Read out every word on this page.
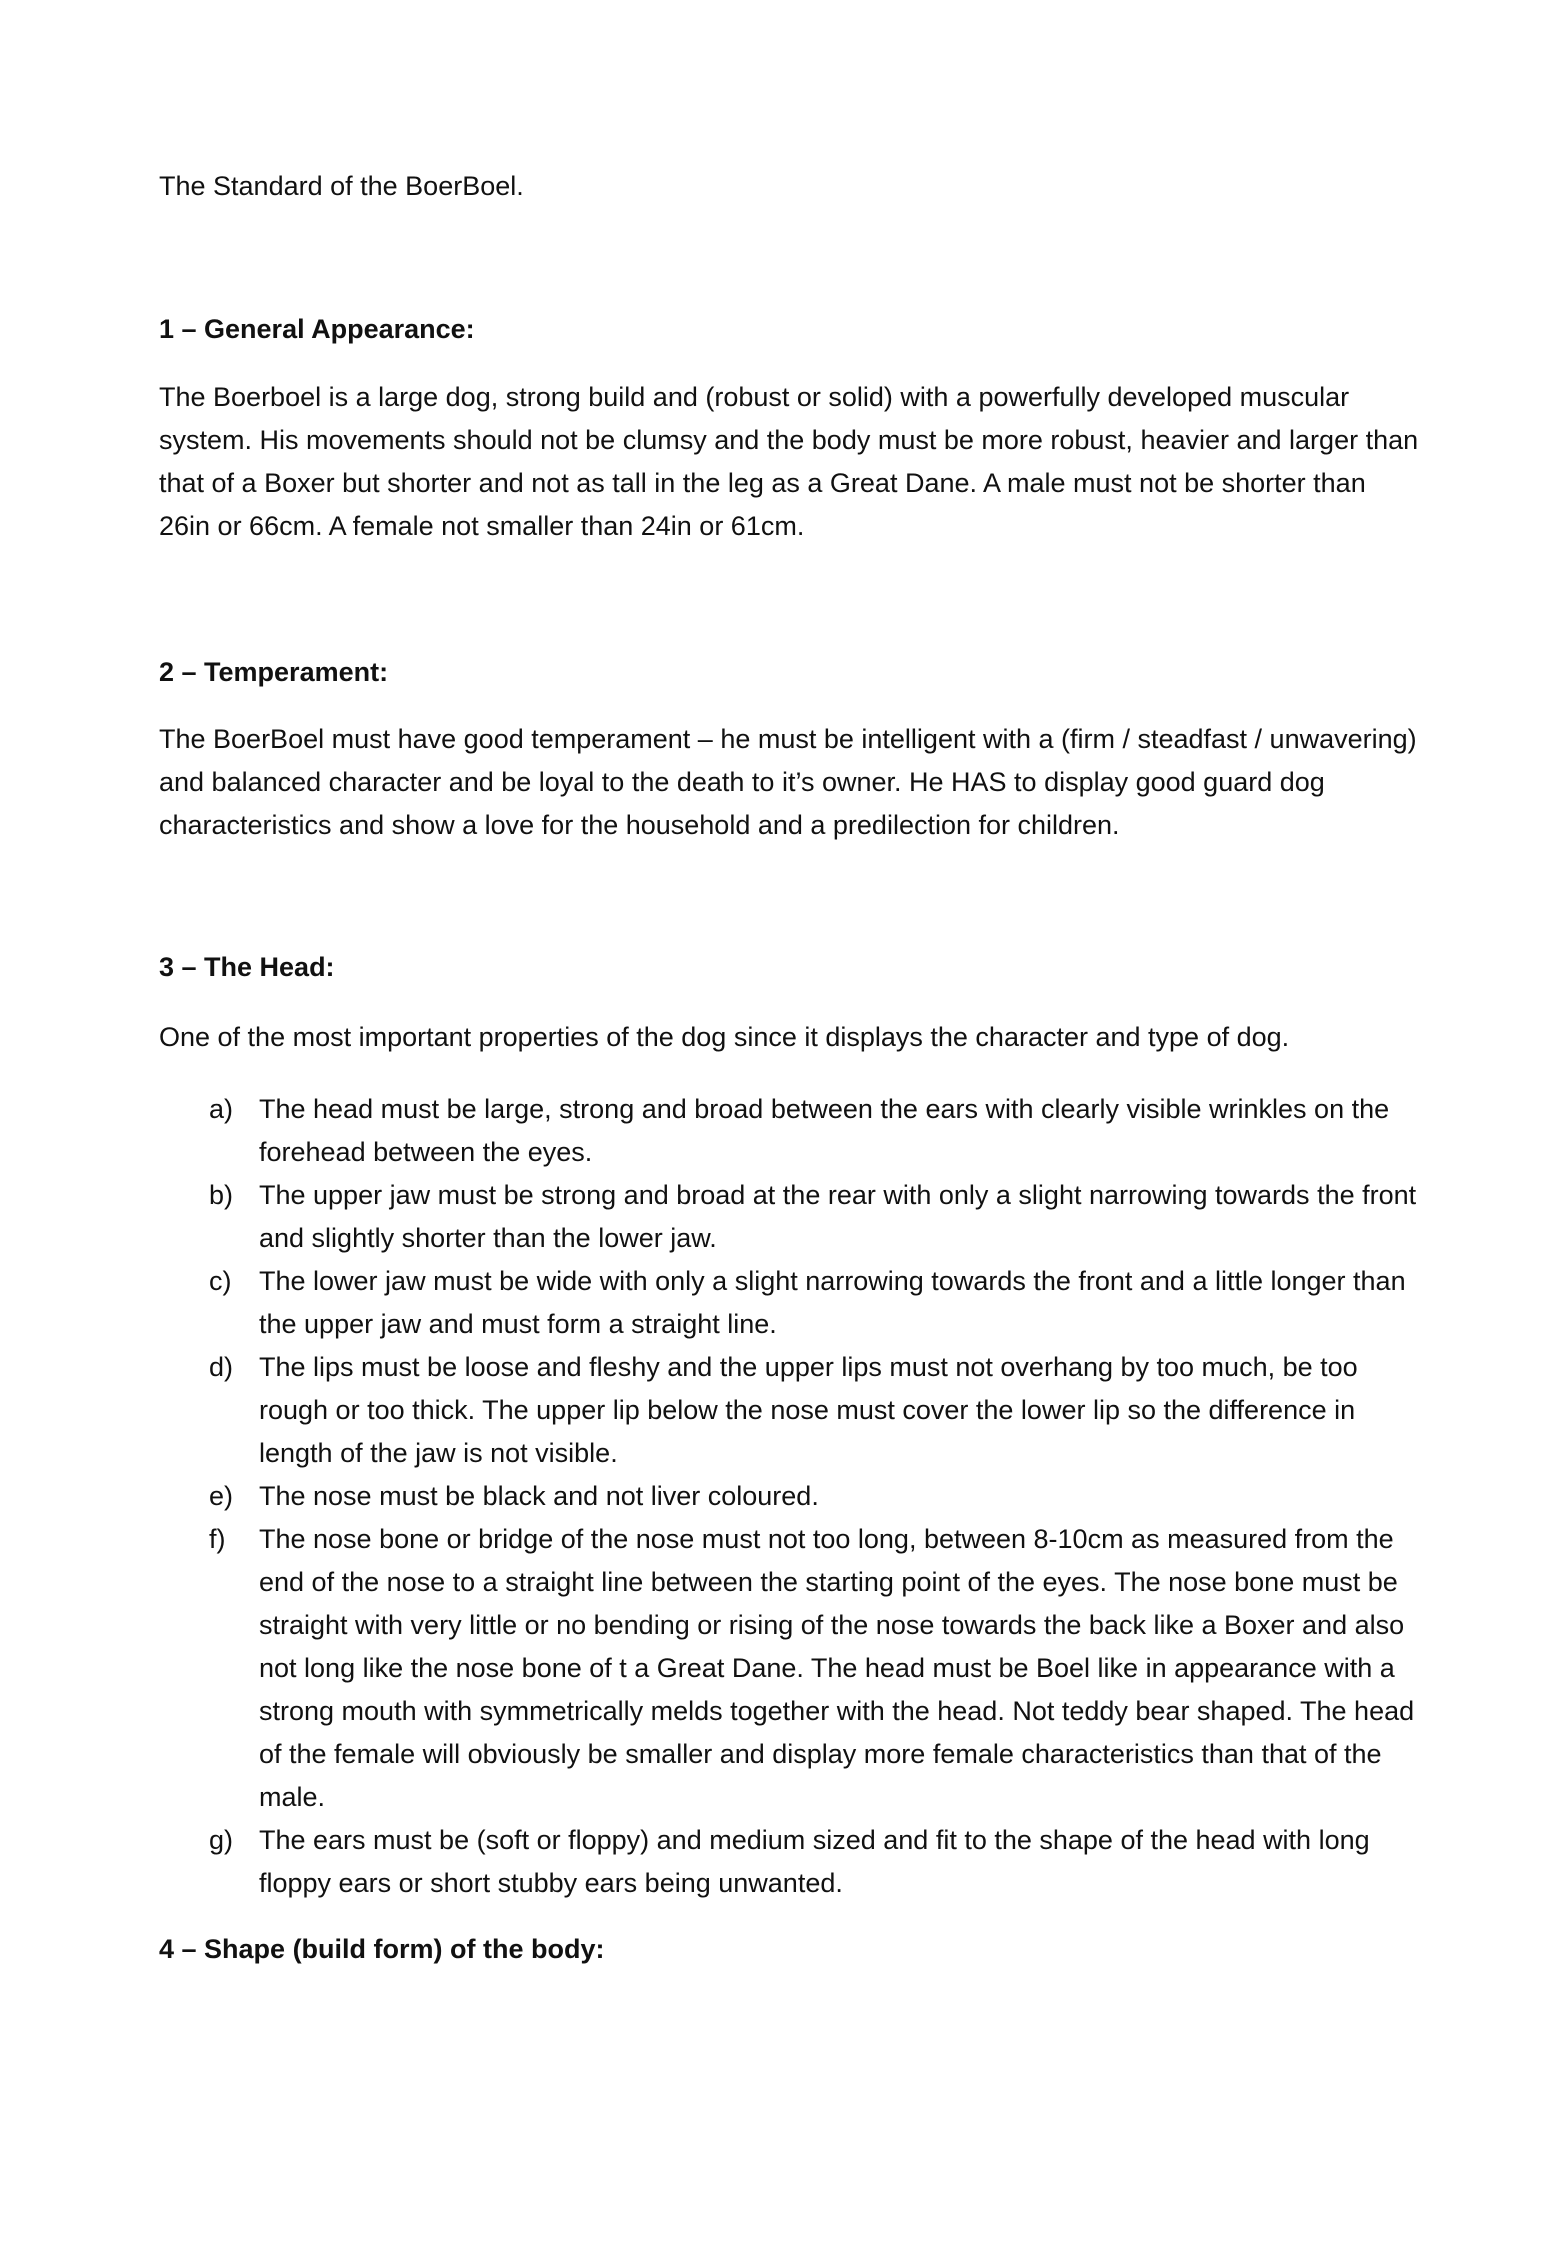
The Standard of the BoerBoel.

1 – General Appearance:

The Boerboel is a large dog, strong build and (robust or solid) with a powerfully developed muscular system. His movements should not be clumsy and the body must be more robust, heavier and larger than that of a Boxer but shorter and not as tall in the leg as a Great Dane. A male must not be shorter than 26in or 66cm. A female not smaller than 24in or 61cm.

2 – Temperament:

The BoerBoel must have good temperament – he must be intelligent with a (firm / steadfast / unwavering) and balanced character and be loyal to the death to it’s owner. He HAS to display good guard dog characteristics and show a love for the household and a predilection for children.

3 – The Head:

One of the most important properties of the dog since it displays the character and type of dog.

a) The head must be large, strong and broad between the ears with clearly visible wrinkles on the forehead between the eyes.
b) The upper jaw must be strong and broad at the rear with only a slight narrowing towards the front and slightly shorter than the lower jaw.
c)	The lower jaw must be wide with only a slight narrowing towards the front and a little longer than the upper jaw and must form a straight line.
d) The lips must be loose and fleshy and the upper lips must not overhang by too much, be too rough or too thick. The upper lip below the nose must cover the lower lip so the difference in length of the jaw is not visible.
e) The nose must be black and not liver coloured.
f)	The nose bone or bridge of the nose must not too long, between 8-10cm as measured from the end of the nose to a straight line between the starting point of the eyes. The nose bone must be straight with very little or no bending or rising of the nose towards the back like a Boxer and also not long like the nose bone of t a Great Dane. The head must be Boel like in appearance with a strong mouth with symmetrically melds together with the head. Not teddy bear shaped. The head of the female will obviously be smaller and display more female characteristics than that of the male.
g) The ears must be (soft or floppy) and medium sized and fit to the shape of the head with long floppy ears or short stubby ears being unwanted.
4 – Shape (build form) of the body:
